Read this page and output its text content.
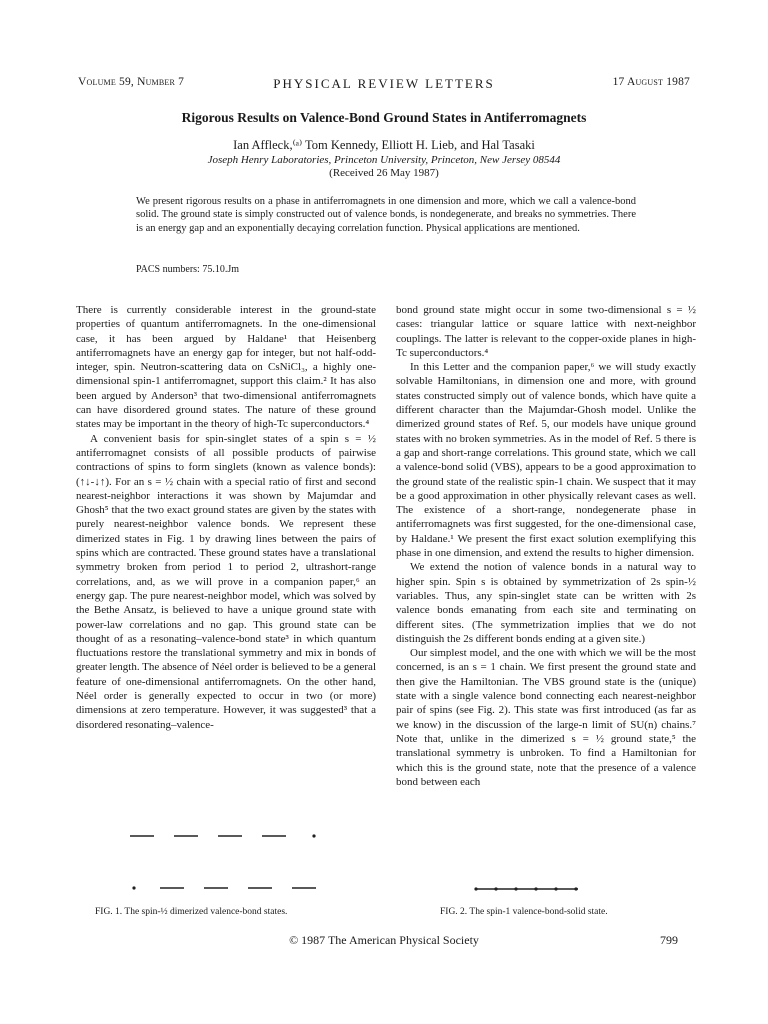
Volume 59, Number 7	PHYSICAL REVIEW LETTERS	17 August 1987
Rigorous Results on Valence-Bond Ground States in Antiferromagnets
Ian Affleck,⁽ᵃ⁾ Tom Kennedy, Elliott H. Lieb, and Hal Tasaki
Joseph Henry Laboratories, Princeton University, Princeton, New Jersey 08544
(Received 26 May 1987)
We present rigorous results on a phase in antiferromagnets in one dimension and more, which we call a valence-bond solid. The ground state is simply constructed out of valence bonds, is nondegenerate, and breaks no symmetries. There is an energy gap and an exponentially decaying correlation function. Physical applications are mentioned.
PACS numbers: 75.10.Jm

There is currently considerable interest in the ground-state properties of quantum antiferromagnets. In the one-dimensional case, it has been argued by Haldane¹ that Heisenberg antiferromagnets have an energy gap for integer, but not half-odd-integer, spin. Neutron-scattering data on CsNiCl₃, a highly one-dimensional spin-1 antiferromagnet, support this claim.² It has also been argued by Anderson³ that two-dimensional antiferromagnets can have disordered ground states. The nature of these ground states may be important in the theory of high-Tc superconductors.⁴

A convenient basis for spin-singlet states of a spin s = ½ antiferromagnet consists of all possible products of pairwise contractions of spins to form singlets (known as valence bonds): (↑↓-↓↑). For an s = ½ chain with a special ratio of first and second nearest-neighbor interactions it was shown by Majumdar and Ghosh⁵ that the two exact ground states are given by the states with purely nearest-neighbor valence bonds. We represent these dimerized states in Fig. 1 by drawing lines between the pairs of spins which are contracted. These ground states have a translational symmetry broken from period 1 to period 2, ultrashort-range correlations, and, as we will prove in a companion paper,⁶ an energy gap. The pure nearest-neighbor model, which was solved by the Bethe Ansatz, is believed to have a unique ground state with power-law correlations and no gap. This ground state can be thought of as a resonating–valence-bond state³ in which quantum fluctuations restore the translational symmetry and mix in bonds of greater length. The absence of Néel order is believed to be a general feature of one-dimensional antiferromagnets. On the other hand, Néel order is generally expected to occur in two (or more) dimensions at zero temperature. However, it was suggested³ that a disordered resonating–valence-

bond ground state might occur in some two-dimensional s = ½ cases: triangular lattice or square lattice with next-neighbor couplings. The latter is relevant to the copper-oxide planes in high-Tc superconductors.⁴

In this Letter and the companion paper,⁶ we will study exactly solvable Hamiltonians, in dimension one and more, with ground states constructed simply out of valence bonds, which have quite a different character than the Majumdar-Ghosh model. Unlike the dimerized ground states of Ref. 5, our models have unique ground states with no broken symmetries. As in the model of Ref. 5 there is a gap and short-range correlations. This ground state, which we call a valence-bond solid (VBS), appears to be a good approximation to the ground state of the realistic spin-1 chain. We suspect that it may be a good approximation in other physically relevant cases as well. The existence of a short-range, nondegenerate phase in antiferromagnets was first suggested, for the one-dimensional case, by Haldane.¹ We present the first exact solution exemplifying this phase in one dimension, and extend the results to higher dimension.

We extend the notion of valence bonds in a natural way to higher spin. Spin s is obtained by symmetrization of 2s spin-½ variables. Thus, any spin-singlet state can be written with 2s valence bonds emanating from each site and terminating on different sites. (The symmetrization implies that we do not distinguish the 2s different bonds ending at a given site.)

Our simplest model, and the one with which we will be the most concerned, is an s = 1 chain. We first present the ground state and then give the Hamiltonian. The VBS ground state is the (unique) state with a single valence bond connecting each nearest-neighbor pair of spins (see Fig. 2). This state was first introduced (as far as we know) in the discussion of the large-n limit of SU(n) chains.⁷ Note that, unlike in the dimerized s = ½ ground state,⁵ the translational symmetry is unbroken. To find a Hamiltonian for which this is the ground state, note that the presence of a valence bond between each

FIG. 1. The spin-½ dimerized valence-bond states.	FIG. 2. The spin-1 valence-bond-solid state.
© 1987 The American Physical Society	799
